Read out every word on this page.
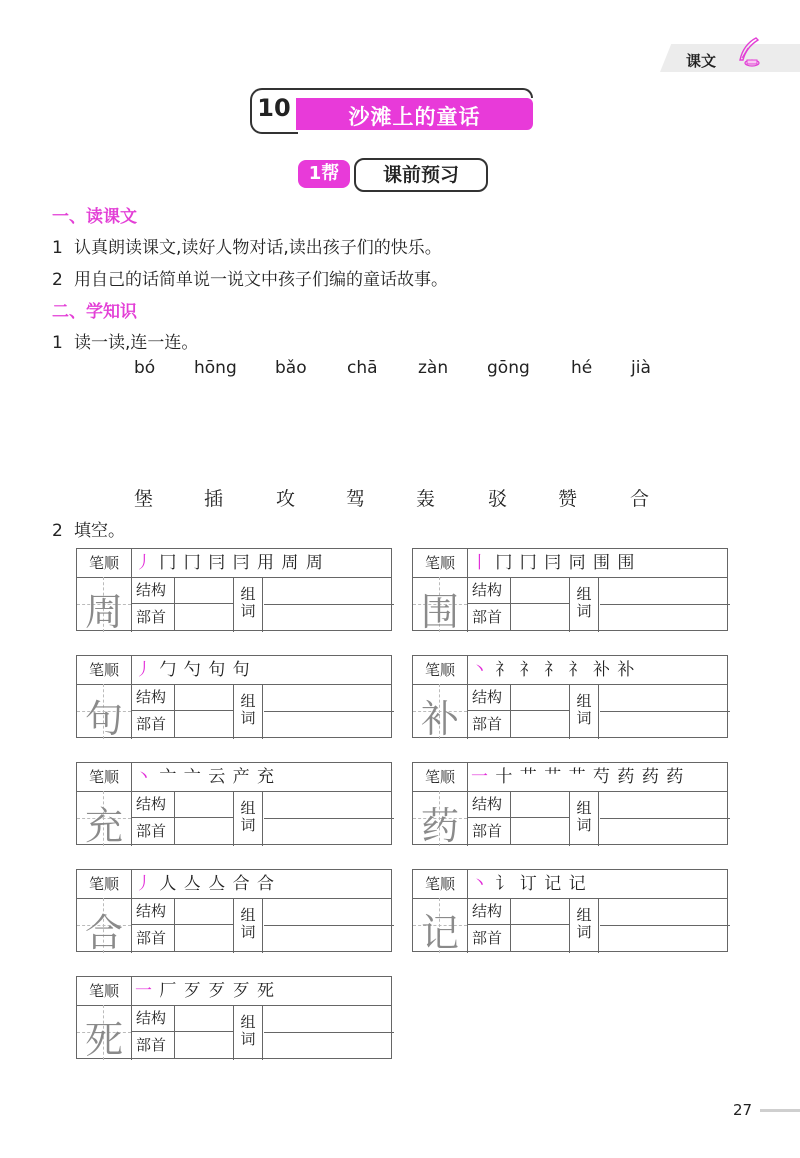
课文
10	沙滩上的童话
1帮	课前预习
一、读课文
1 认真朗读课文,读好人物对话,读出孩子们的快乐。
2 用自己的话简单说一说文中孩子们编的童话故事。
二、学知识
1 读一读,连一连。
bó hōng bǎo chā zàn gōng hé jià
堡	插	攻	驾	轰	驳	赞	合
2 填空。
笔顺 丿 冂 冂 冃 冃 用 周 周
周 结构
部首
组
词
笔顺 丨 冂 冂 冃 同 围 围
围 结构
部首
组
词
笔顺 丿 勹 勺 句 句
句 结构
部首
组
词
笔顺 丶 礻 礻 礻 礻 补 补
补 结构
部首
组
词
笔顺 丶 亠 亠 云 产 充
充 结构
部首
组
词
笔顺 一 十 艹 艹 艹 芍 药 药 药
药 结构
部首
组
词
笔顺 丿 人 亼 亼 合 合
合 结构
部首
组
词
笔顺 丶 讠 订 记 记
记 结构
部首
组
词
笔顺 一 厂 歹 歹 歹 死
死 结构
部首
组
词
27
